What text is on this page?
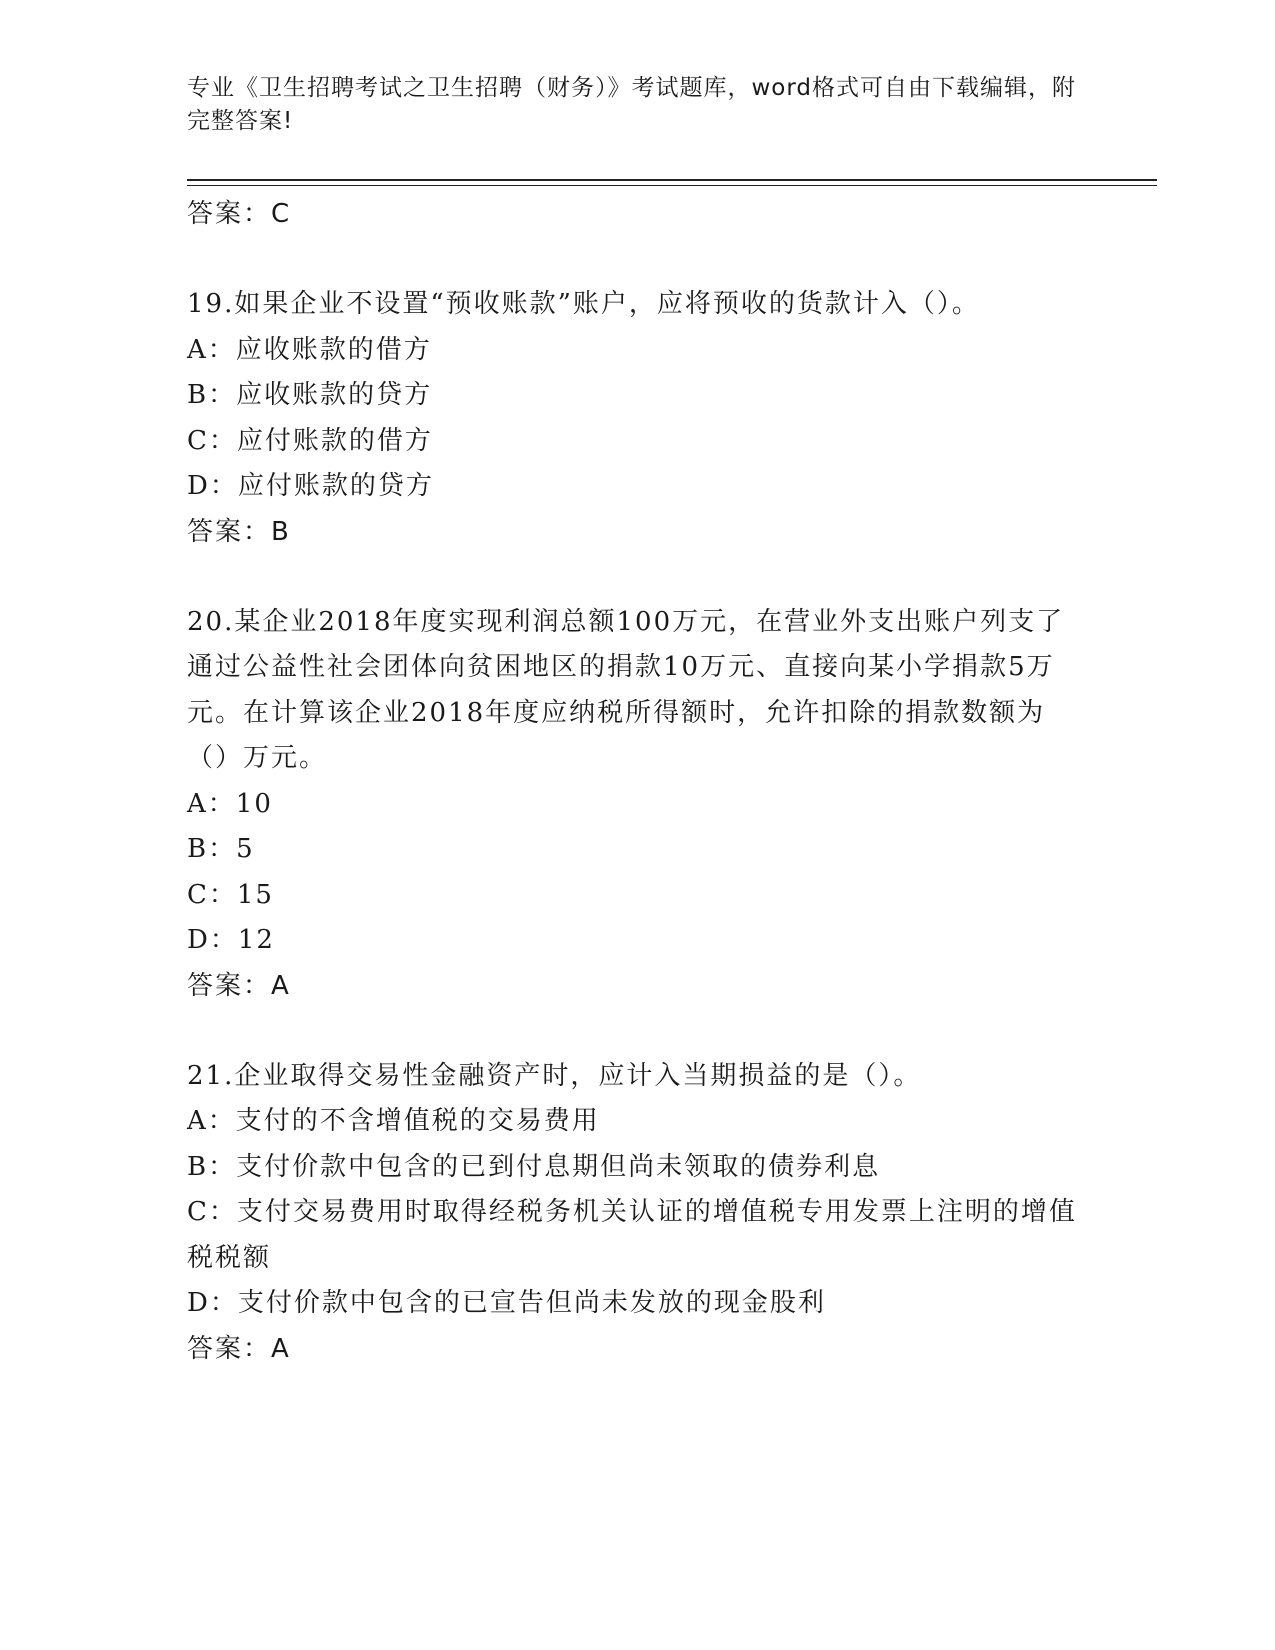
专业《卫生招聘考试之卫生招聘（财务）》考试题库，word格式可自由下载编辑，附完整答案!
答案：C
19.如果企业不设置“预收账款”账户，应将预收的货款计入（）。
A：应收账款的借方
B：应收账款的贷方
C：应付账款的借方
D：应付账款的贷方
答案：B
20.某企业2018年度实现利润总额100万元，在营业外支出账户列支了通过公益性社会团体向贫困地区的捐款10万元、直接向某小学捐款5万元。在计算该企业2018年度应纳税所得额时，允许扣除的捐款数额为（）万元。
A：10
B：5
C：15
D：12
答案：A
21.企业取得交易性金融资产时，应计入当期损益的是（）。
A：支付的不含增值税的交易费用
B：支付价款中包含的已到付息期但尚未领取的债券利息
C：支付交易费用时取得经税务机关认证的增值税专用发票上注明的增值税税额
D：支付价款中包含的已宣告但尚未发放的现金股利
答案：A
